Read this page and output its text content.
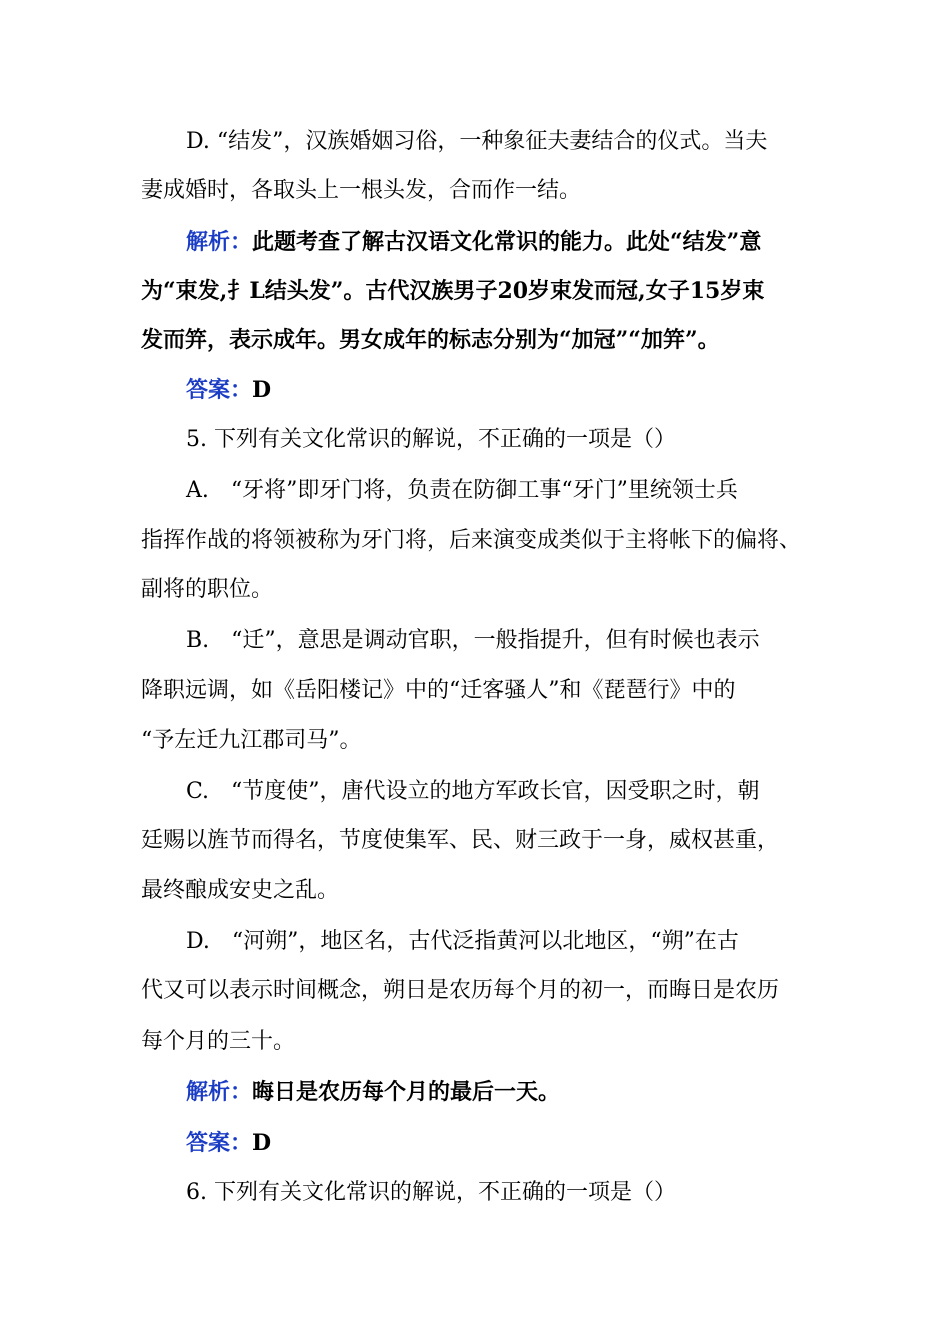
D. “结发”，汉族婚姻习俗，一种象征夫妻结合的仪式。当夫
妻成婚时，各取头上一根头发，合而作一结。
解析：此题考查了解古汉语文化常识的能力。此处“结发”意
为“束发,扌L结头发”。古代汉族男子20岁束发而冠,女子15岁束
发而笄，表示成年。男女成年的标志分别为“加冠”“加笄”。
答案：D
5. 下列有关文化常识的解说，不正确的一项是（）
A.　“牙将”即牙门将，负责在防御工事“牙门”里统领士兵
指挥作战的将领被称为牙门将，后来演变成类似于主将帐下的偏将、
副将的职位。
B.　“迁”，意思是调动官职，一般指提升，但有时候也表示
降职远调，如《岳阳楼记》中的“迁客骚人”和《琵琶行》中的
“予左迁九江郡司马”。
C.　“节度使”，唐代设立的地方军政长官，因受职之时，朝
廷赐以旌节而得名，节度使集军、民、财三政于一身，威权甚重，
最终酿成安史之乱。
D.　“河朔”，地区名，古代泛指黄河以北地区，“朔”在古
代又可以表示时间概念，朔日是农历每个月的初一，而晦日是农历
每个月的三十。
解析：晦日是农历每个月的最后一天。
答案：D
6. 下列有关文化常识的解说，不正确的一项是（）
